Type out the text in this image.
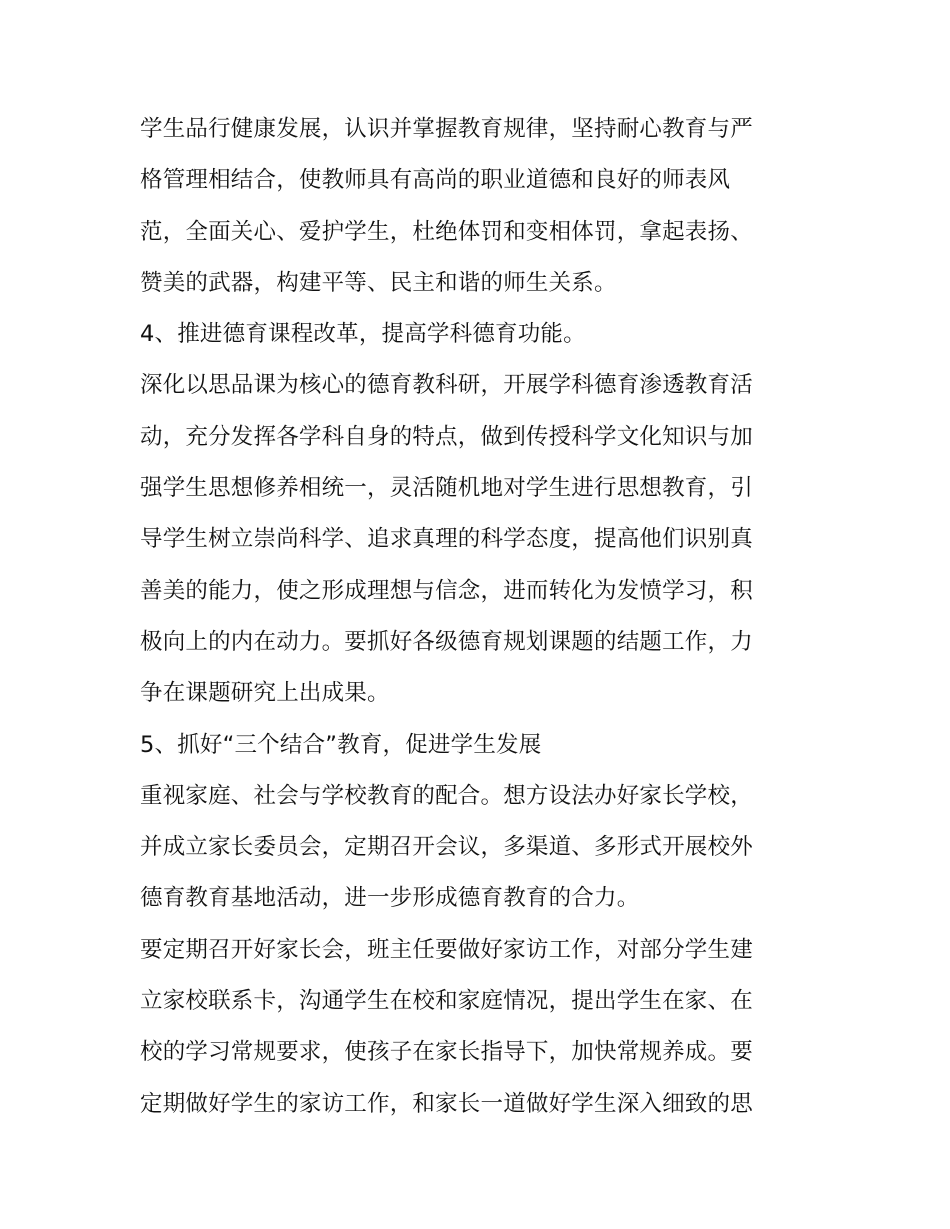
学生品行健康发展，认识并掌握教育规律，坚持耐心教育与严
格管理相结合，使教师具有高尚的职业道德和良好的师表风
范，全面关心、爱护学生，杜绝体罚和变相体罚，拿起表扬、
赞美的武器，构建平等、民主和谐的师生关系。
4、推进德育课程改革，提高学科德育功能。
深化以思品课为核心的德育教科研，开展学科德育渗透教育活
动，充分发挥各学科自身的特点，做到传授科学文化知识与加
强学生思想修养相统一，灵活随机地对学生进行思想教育，引
导学生树立崇尚科学、追求真理的科学态度，提高他们识别真
善美的能力，使之形成理想与信念，进而转化为发愤学习，积
极向上的内在动力。要抓好各级德育规划课题的结题工作，力
争在课题研究上出成果。
5、抓好“三个结合”教育，促进学生发展
重视家庭、社会与学校教育的配合。想方设法办好家长学校，
并成立家长委员会，定期召开会议，多渠道、多形式开展校外
德育教育基地活动，进一步形成德育教育的合力。
要定期召开好家长会，班主任要做好家访工作，对部分学生建
立家校联系卡，沟通学生在校和家庭情况，提出学生在家、在
校的学习常规要求，使孩子在家长指导下，加快常规养成。要
定期做好学生的家访工作，和家长一道做好学生深入细致的思
